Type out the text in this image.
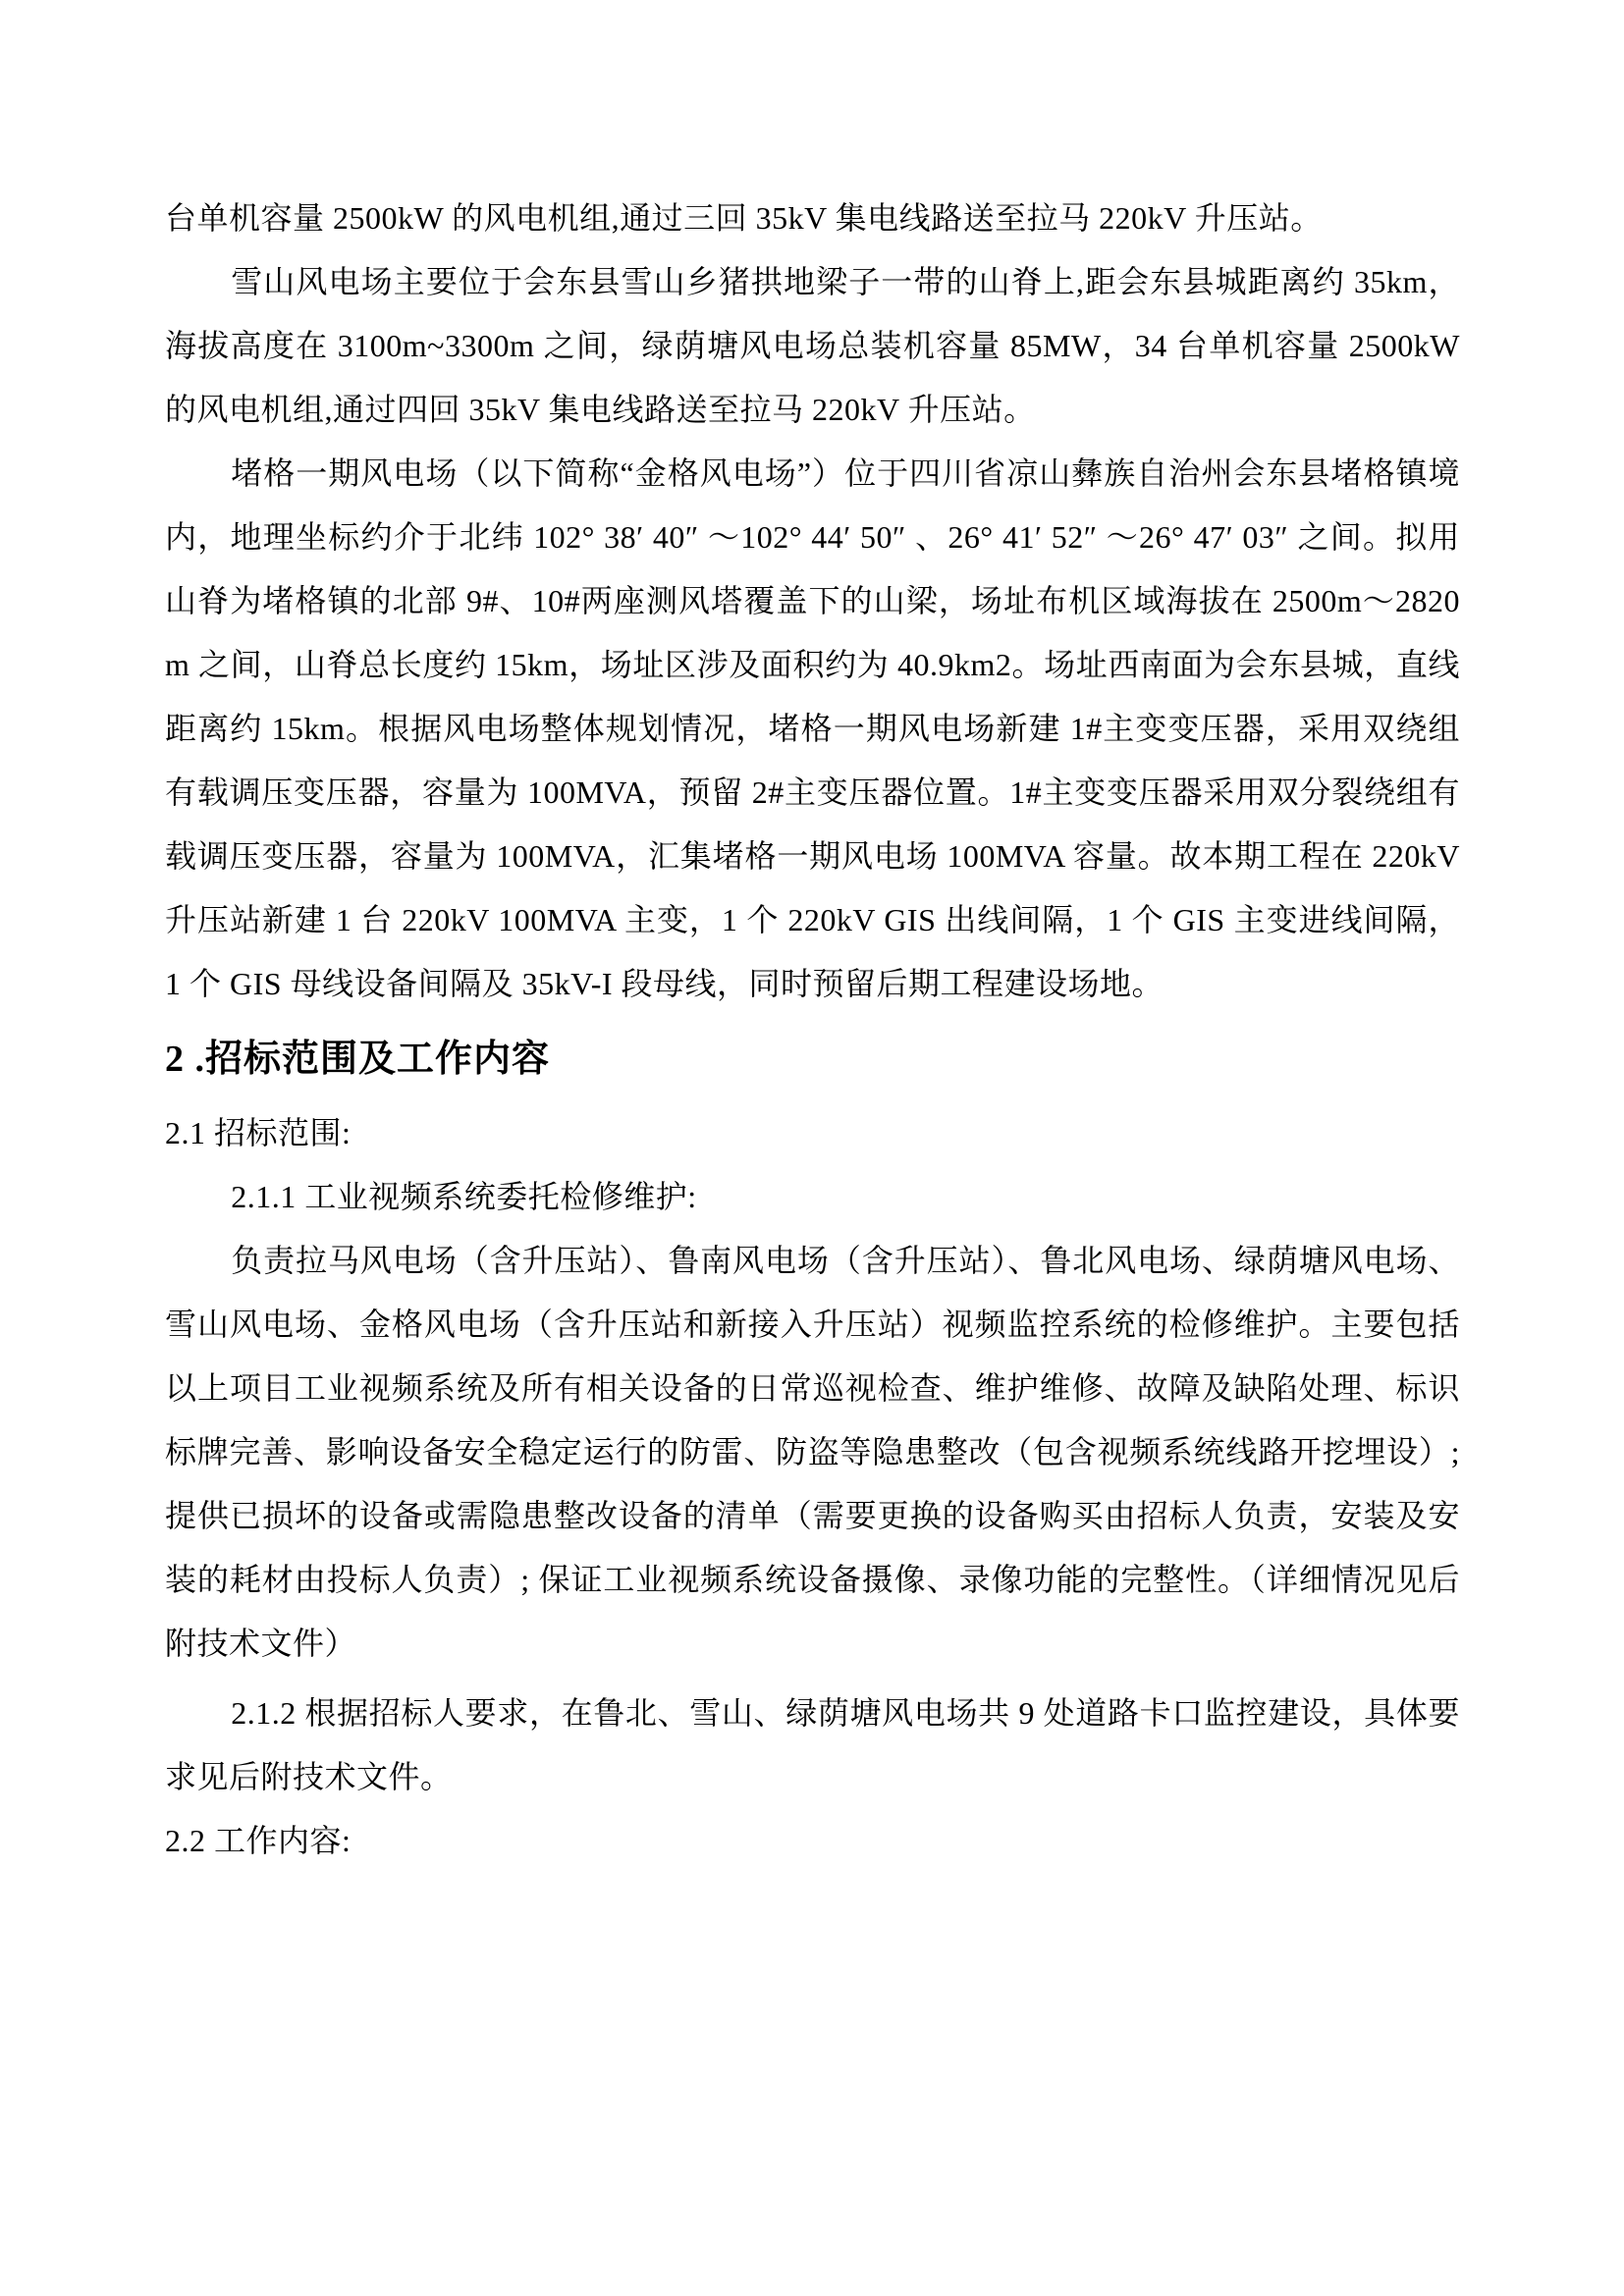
台单机容量 2500kW 的风电机组,通过三回 35kV 集电线路送至拉马 220kV 升压站。

雪山风电场主要位于会东县雪山乡猪拱地梁子一带的山脊上,距会东县城距离约 35km，海拔高度在 3100m~3300m 之间，绿荫塘风电场总装机容量 85MW，34 台单机容量 2500kW 的风电机组,通过四回 35kV 集电线路送至拉马 220kV 升压站。

堵格一期风电场（以下简称“金格风电场”）位于四川省凉山彝族自治州会东县堵格镇境内，地理坐标约介于北纬 102° 38′ 40″ ～102° 44′ 50″ 、26° 41′ 52″ ～26° 47′ 03″ 之间。拟用山脊为堵格镇的北部 9#、10#两座测风塔覆盖下的山梁，场址布机区域海拔在 2500m～2820m 之间，山脊总长度约 15km，场址区涉及面积约为 40.9km2。场址西南面为会东县城，直线距离约 15km。根据风电场整体规划情况，堵格一期风电场新建 1#主变变压器，采用双绕组有载调压变压器，容量为 100MVA，预留 2#主变压器位置。1#主变变压器采用双分裂绕组有载调压变压器，容量为 100MVA，汇集堵格一期风电场 100MVA 容量。故本期工程在 220kV 升压站新建 1 台 220kV 100MVA 主变，1 个 220kV GIS 出线间隔，1 个 GIS 主变进线间隔，1 个 GIS 母线设备间隔及 35kV-I 段母线，同时预留后期工程建设场地。

2 .招标范围及工作内容

2.1 招标范围:

2.1.1 工业视频系统委托检修维护:

负责拉马风电场（含升压站）、鲁南风电场（含升压站）、鲁北风电场、绿荫塘风电场、雪山风电场、金格风电场（含升压站和新接入升压站）视频监控系统的检修维护。主要包括以上项目工业视频系统及所有相关设备的日常巡视检查、维护维修、故障及缺陷处理、标识标牌完善、影响设备安全稳定运行的防雷、防盗等隐患整改（包含视频系统线路开挖埋设）; 提供已损坏的设备或需隐患整改设备的清单（需要更换的设备购买由招标人负责，安装及安装的耗材由投标人负责）; 保证工业视频系统设备摄像、录像功能的完整性。（详细情况见后附技术文件）

2.1.2 根据招标人要求，在鲁北、雪山、绿荫塘风电场共 9 处道路卡口监控建设，具体要求见后附技术文件。

2.2 工作内容:
